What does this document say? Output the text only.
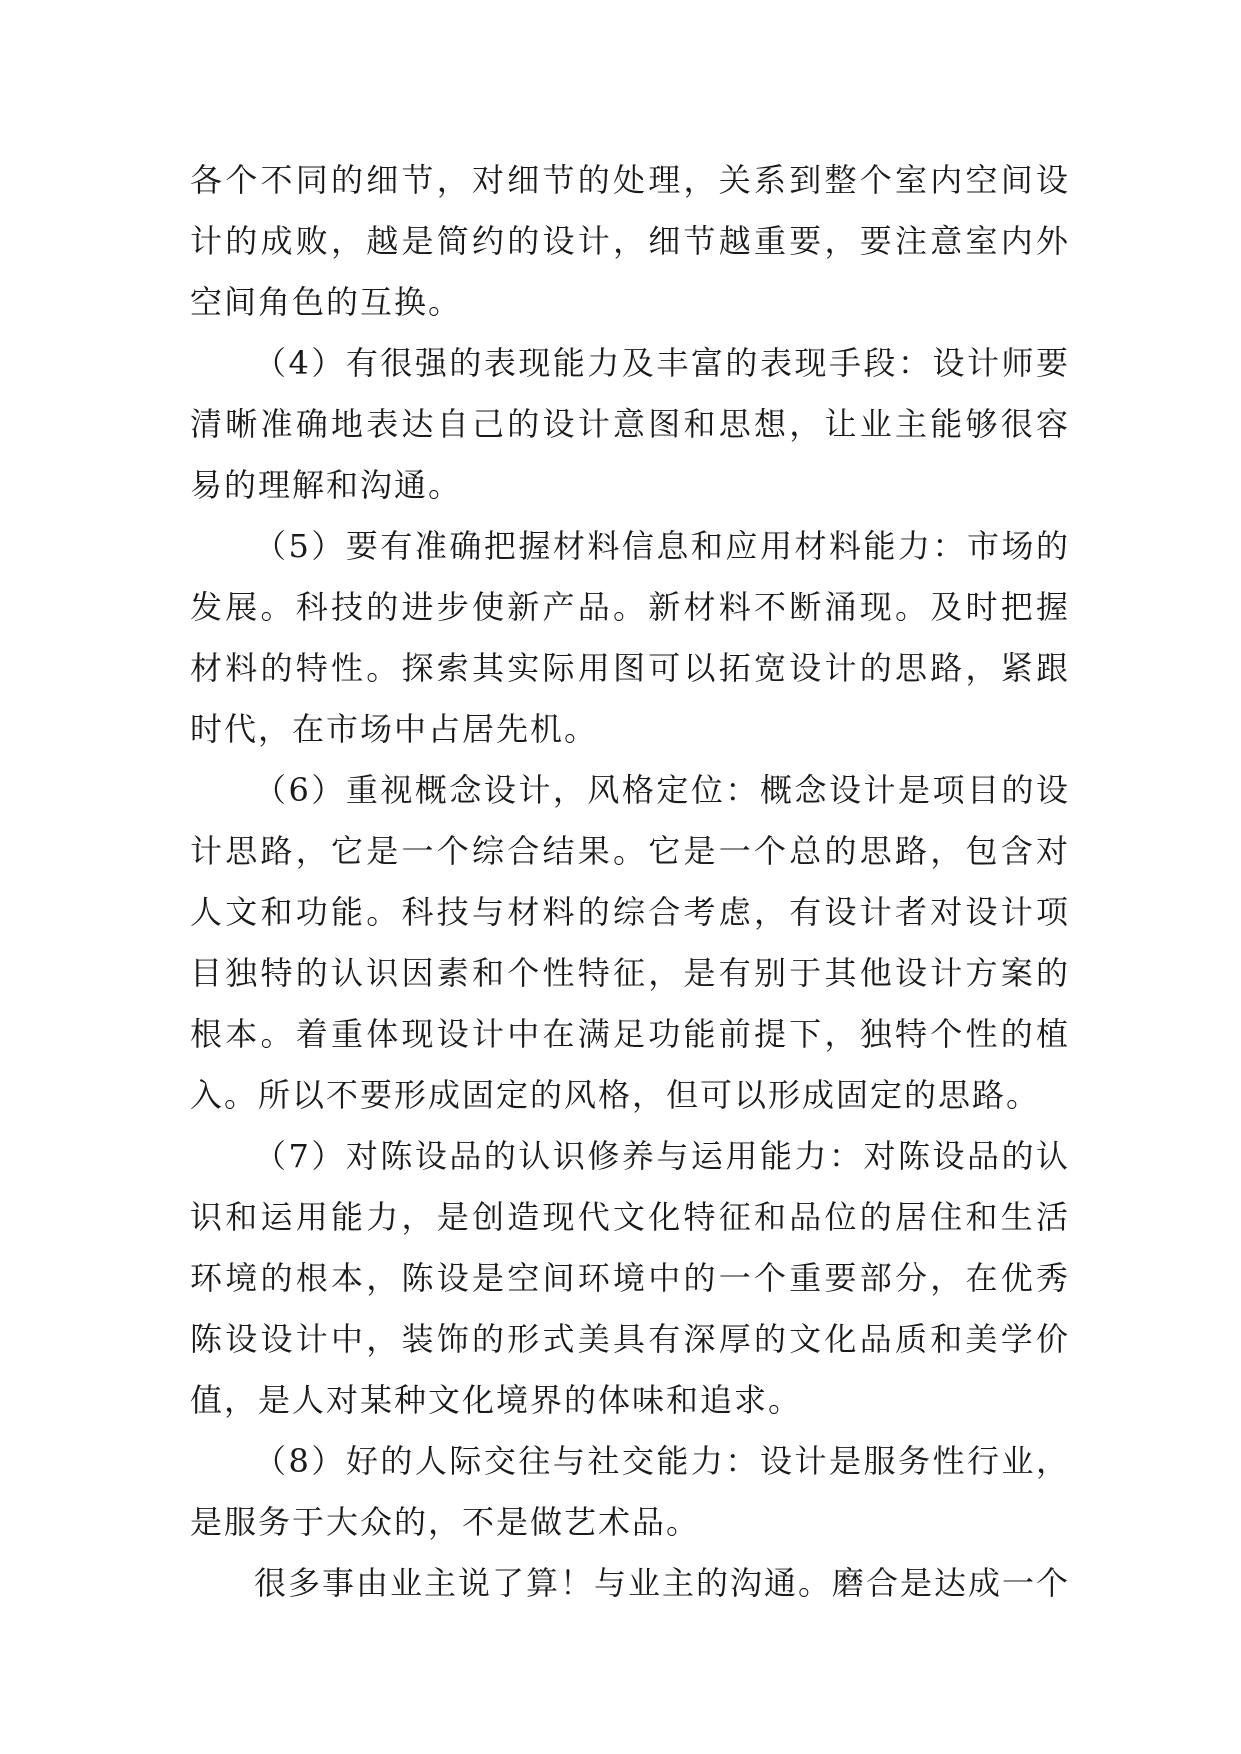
各个不同的细节，对细节的处理，关系到整个室内空间设计的成败，越是简约的设计，细节越重要，要注意室内外空间角色的互换。

（4）有很强的表现能力及丰富的表现手段：设计师要清晰准确地表达自己的设计意图和思想，让业主能够很容易的理解和沟通。

（5）要有准确把握材料信息和应用材料能力：市场的发展。科技的进步使新产品。新材料不断涌现。及时把握材料的特性。探索其实际用图可以拓宽设计的思路，紧跟时代，在市场中占居先机。

（6）重视概念设计，风格定位：概念设计是项目的设计思路，它是一个综合结果。它是一个总的思路，包含对人文和功能。科技与材料的综合考虑，有设计者对设计项目独特的认识因素和个性特征，是有别于其他设计方案的根本。着重体现设计中在满足功能前提下，独特个性的植入。所以不要形成固定的风格，但可以形成固定的思路。

（7）对陈设品的认识修养与运用能力：对陈设品的认识和运用能力，是创造现代文化特征和品位的居住和生活环境的根本，陈设是空间环境中的一个重要部分，在优秀陈设设计中，装饰的形式美具有深厚的文化品质和美学价值，是人对某种文化境界的体味和追求。

（8）好的人际交往与社交能力：设计是服务性行业，是服务于大众的，不是做艺术品。

很多事由业主说了算！与业主的沟通。磨合是达成一个
